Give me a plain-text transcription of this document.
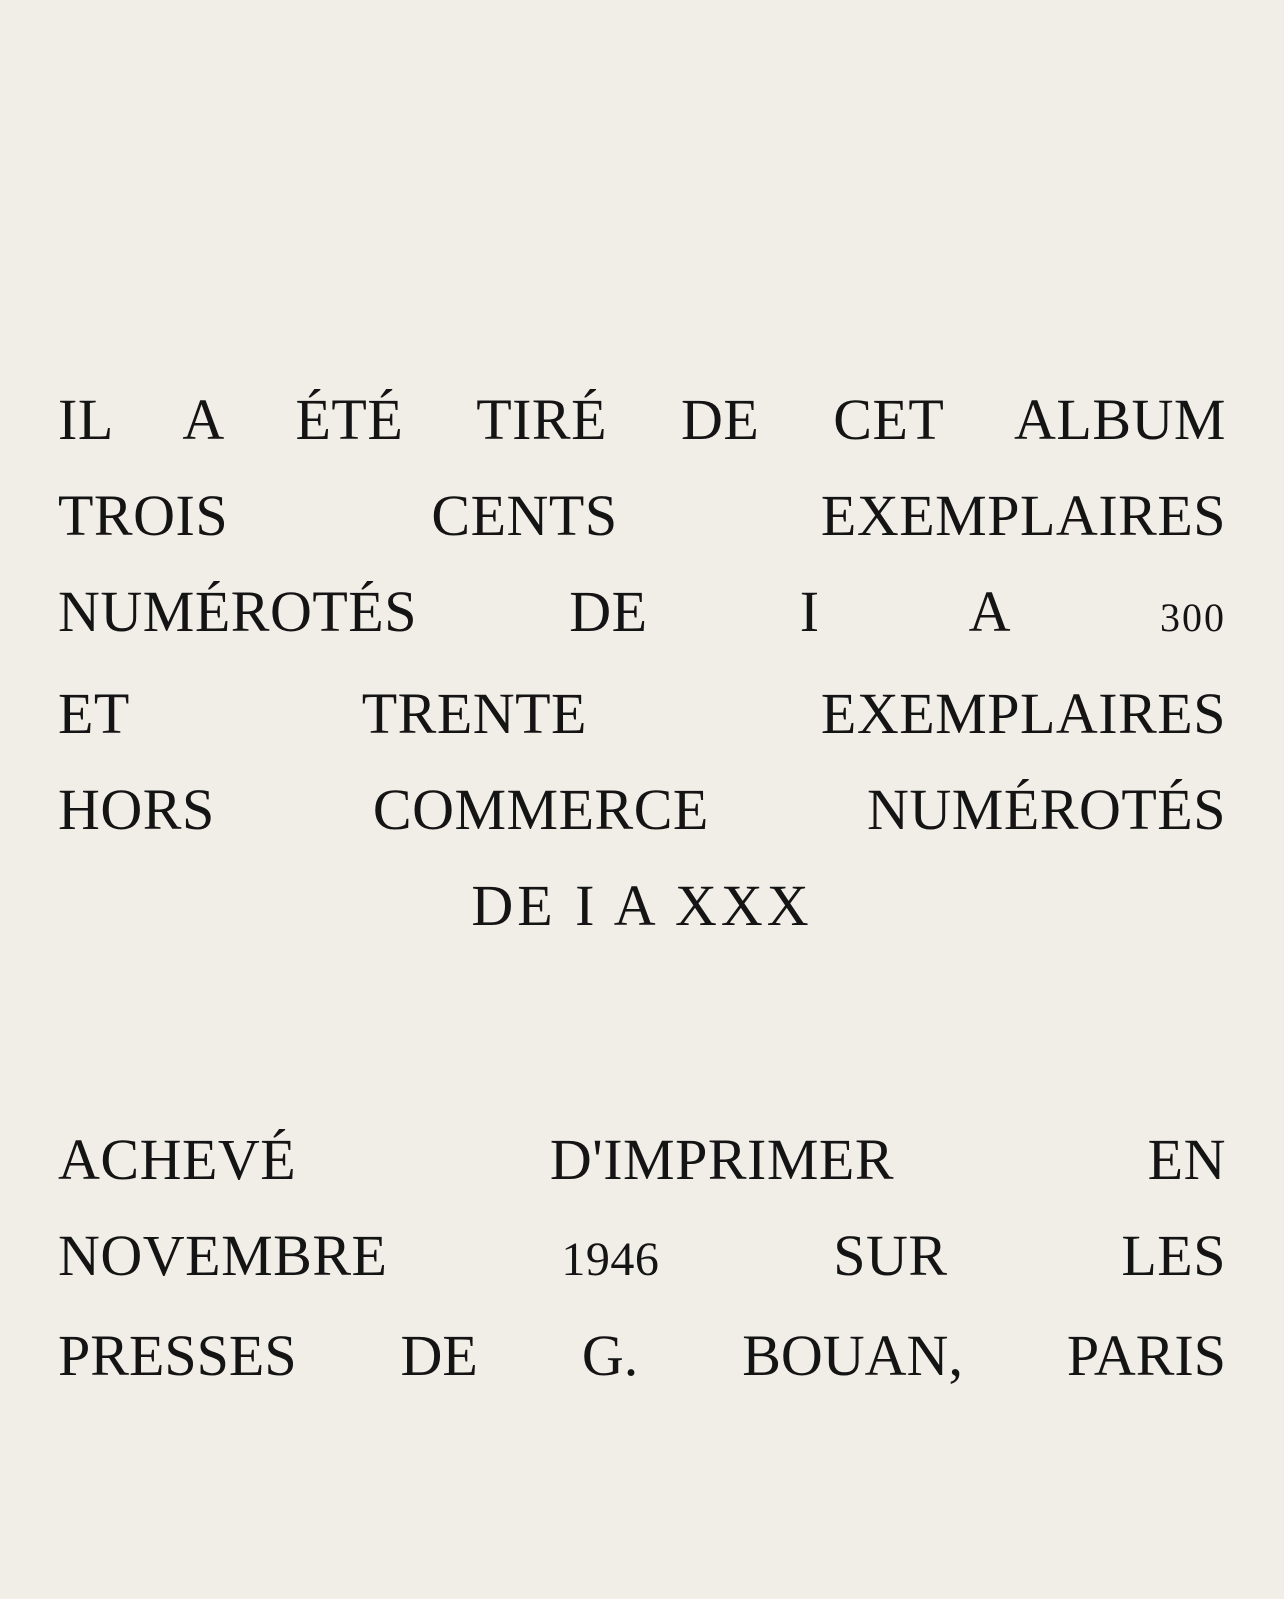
IL A ÉTÉ TIRÉ DE CET ALBUM
TROIS CENTS EXEMPLAIRES
NUMÉROTÉS DE I A 300
ET TRENTE EXEMPLAIRES
HORS COMMERCE NUMÉROTÉS
DE I A XXX
ACHEVÉ D'IMPRIMER EN
NOVEMBRE 1946 SUR LES
PRESSES DE G. BOUAN, PARIS
